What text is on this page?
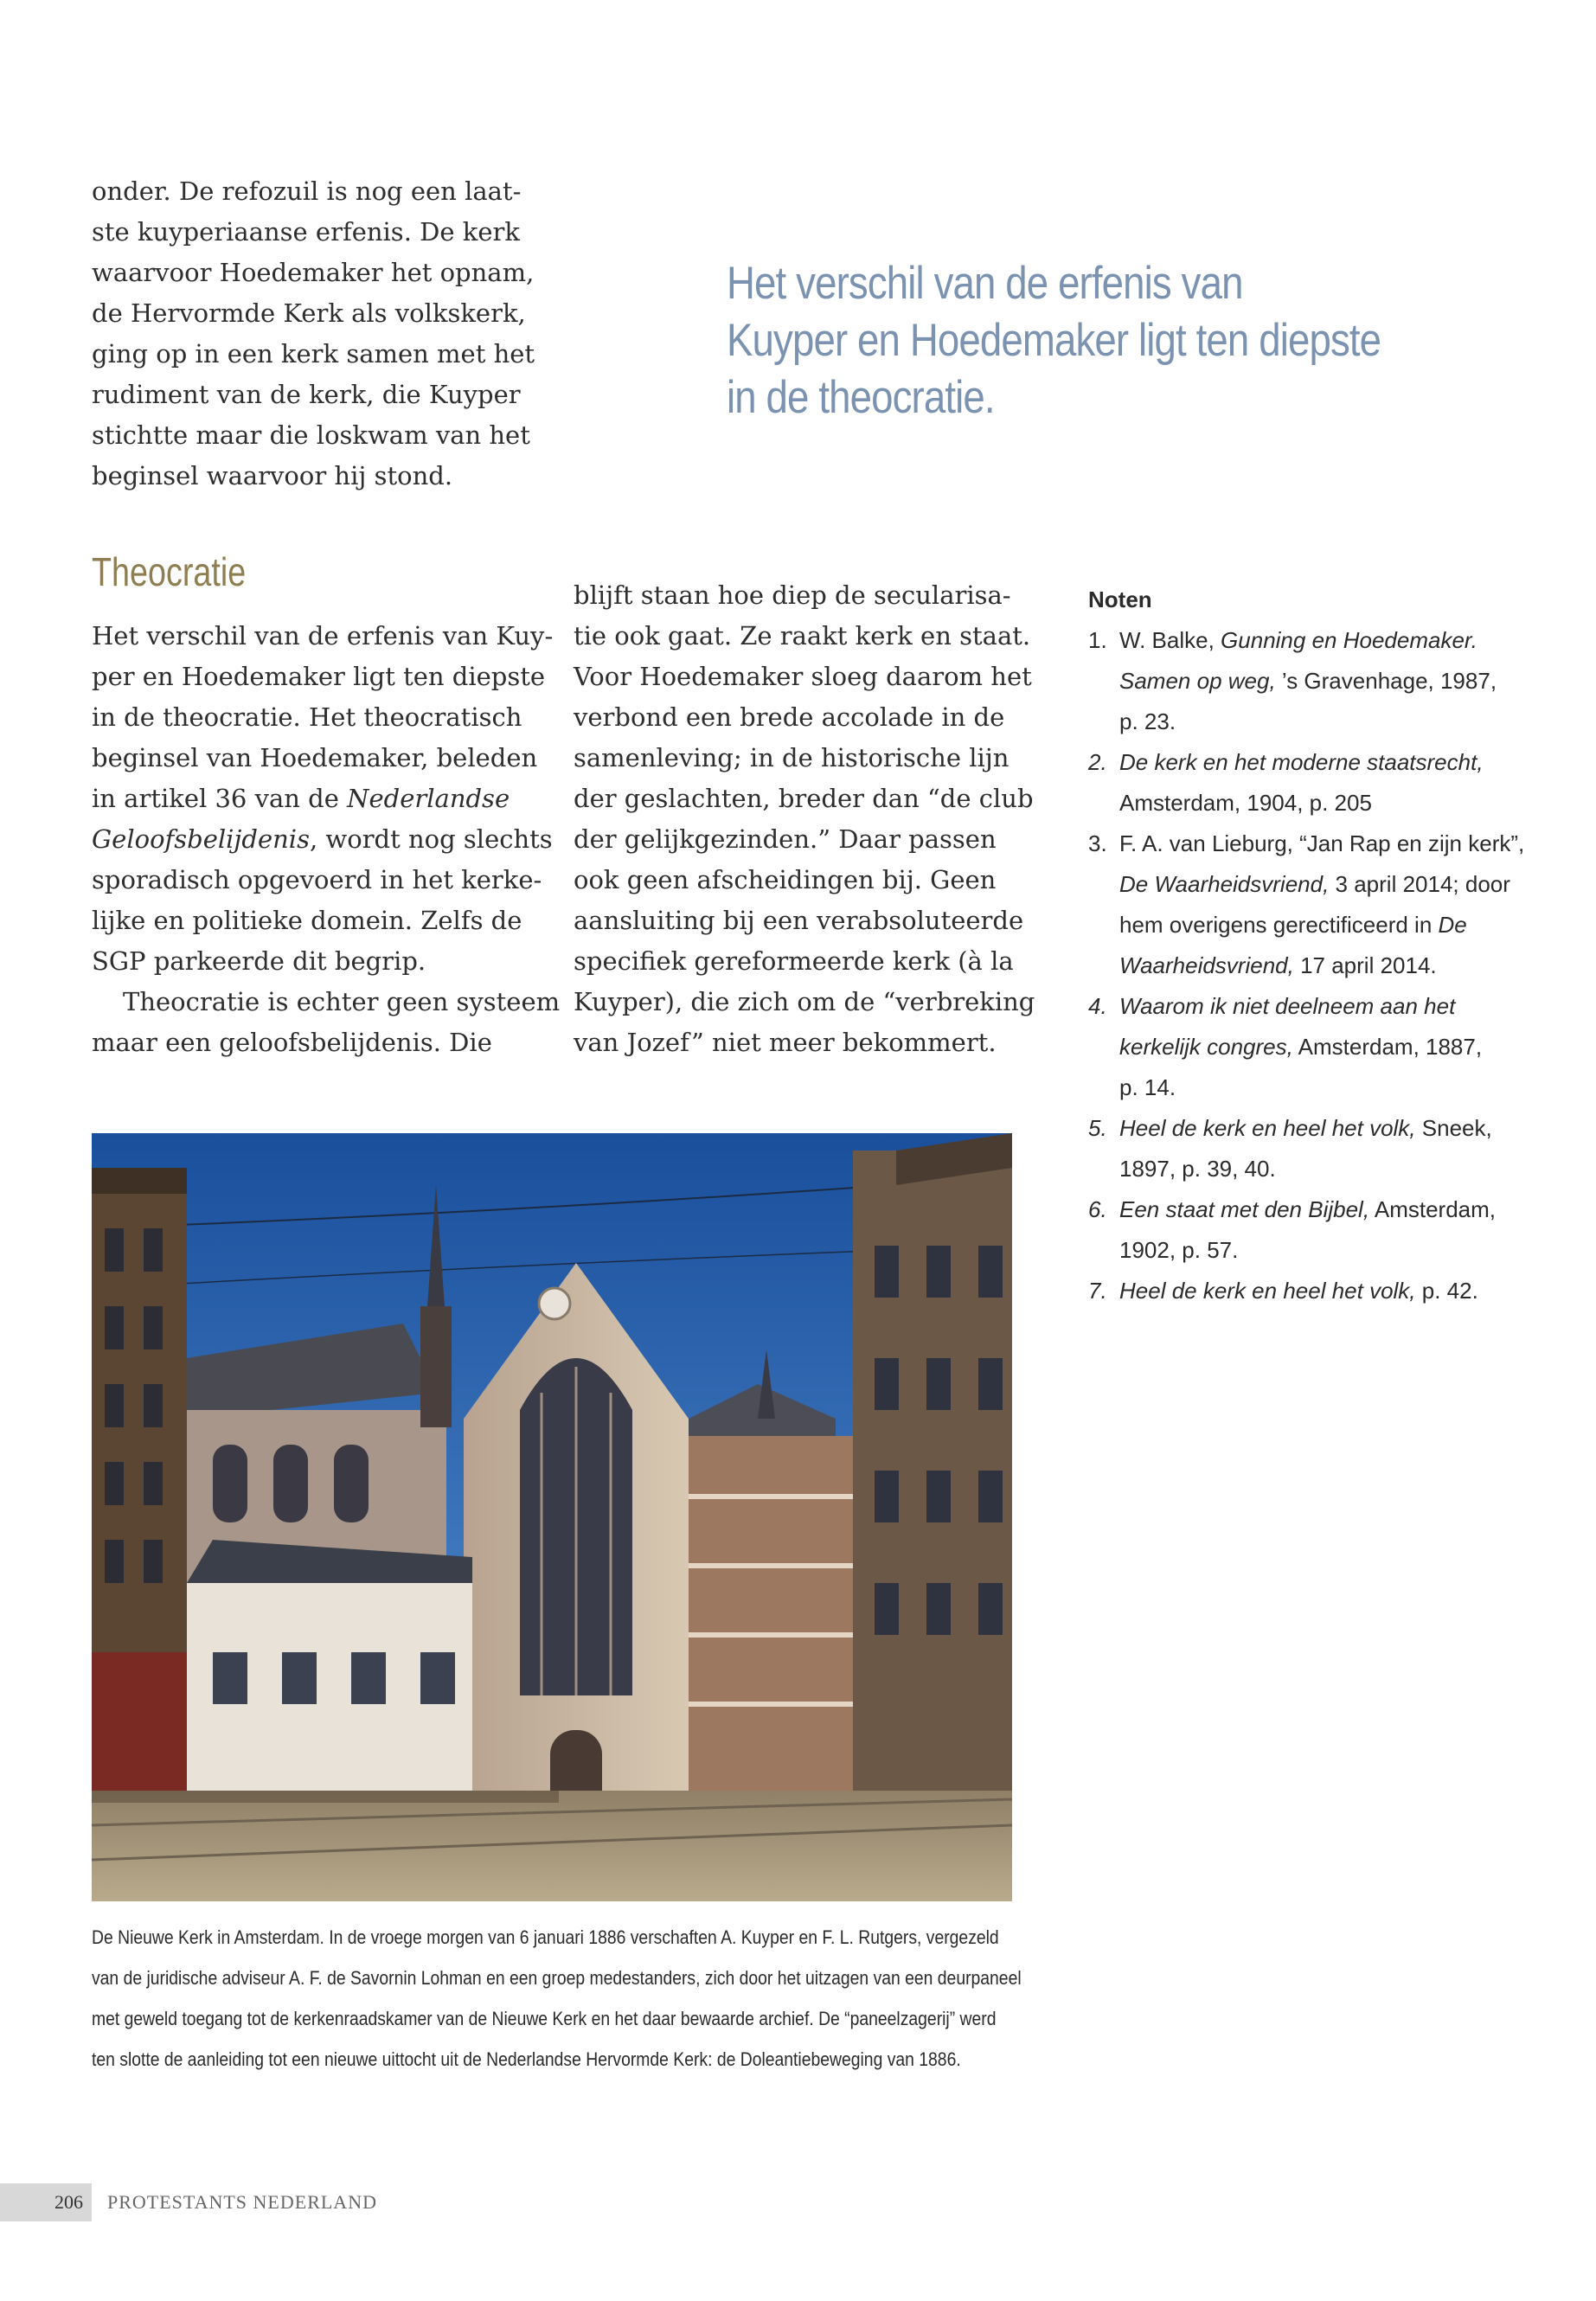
onder. De refozuil is nog een laat-
ste kuyperiaanse erfenis. De kerk
waarvoor Hoedemaker het opnam,
de Hervormde Kerk als volkskerk,
ging op in een kerk samen met het
rudiment van de kerk, die Kuyper
stichtte maar die loskwam van het
beginsel waarvoor hij stond.
Het verschil van de erfenis van
Kuyper en Hoedemaker ligt ten diepste
in de theocratie.
Theocratie
Het verschil van de erfenis van Kuy-
per en Hoedemaker ligt ten diepste
in de theocratie. Het theocratisch
beginsel van Hoedemaker, beleden
in artikel 36 van de Nederlandse
Geloofsbelijdenis, wordt nog slechts
sporadisch opgevoerd in het kerke-
lijke en politieke domein. Zelfs de
SGP parkeerde dit begrip.
Theocratie is echter geen systeem
maar een geloofsbelijdenis. Die
blijft staan hoe diep de secularisa-
tie ook gaat. Ze raakt kerk en staat.
Voor Hoedemaker sloeg daarom het
verbond een brede accolade in de
samenleving; in de historische lijn
der geslachten, breder dan “de club
der gelijkgezinden.” Daar passen
ook geen afscheidingen bij. Geen
aansluiting bij een verabsoluteerde
specifiek gereformeerde kerk (à la
Kuyper), die zich om de “verbreking
van Jozef” niet meer bekommert.
Noten
1. W. Balke, Gunning en Hoedemaker.
Samen op weg, ’s Gravenhage, 1987,
p. 23.
2. De kerk en het moderne staatsrecht,
Amsterdam, 1904, p. 205
3. F. A. van Lieburg, “Jan Rap en zijn kerk”,
De Waarheidsvriend, 3 april 2014; door
hem overigens gerectificeerd in De
Waarheidsvriend, 17 april 2014.
4. Waarom ik niet deelneem aan het
kerkelijk congres, Amsterdam, 1887,
p. 14.
5. Heel de kerk en heel het volk, Sneek,
1897, p. 39, 40.
6. Een staat met den Bijbel, Amsterdam,
1902, p. 57.
7. Heel de kerk en heel het volk, p. 42.
De Nieuwe Kerk in Amsterdam. In de vroege morgen van 6 januari 1886 verschaften A. Kuyper en F. L. Rutgers, vergezeld
van de juridische adviseur A. F. de Savornin Lohman en een groep medestanders, zich door het uitzagen van een deurpaneel
met geweld toegang tot de kerkenraadskamer van de Nieuwe Kerk en het daar bewaarde archief. De “paneelzagerij” werd
ten slotte de aanleiding tot een nieuwe uittocht uit de Nederlandse Hervormde Kerk: de Doleantiebeweging van 1886.
206	PROTESTANTS NEDERLAND
